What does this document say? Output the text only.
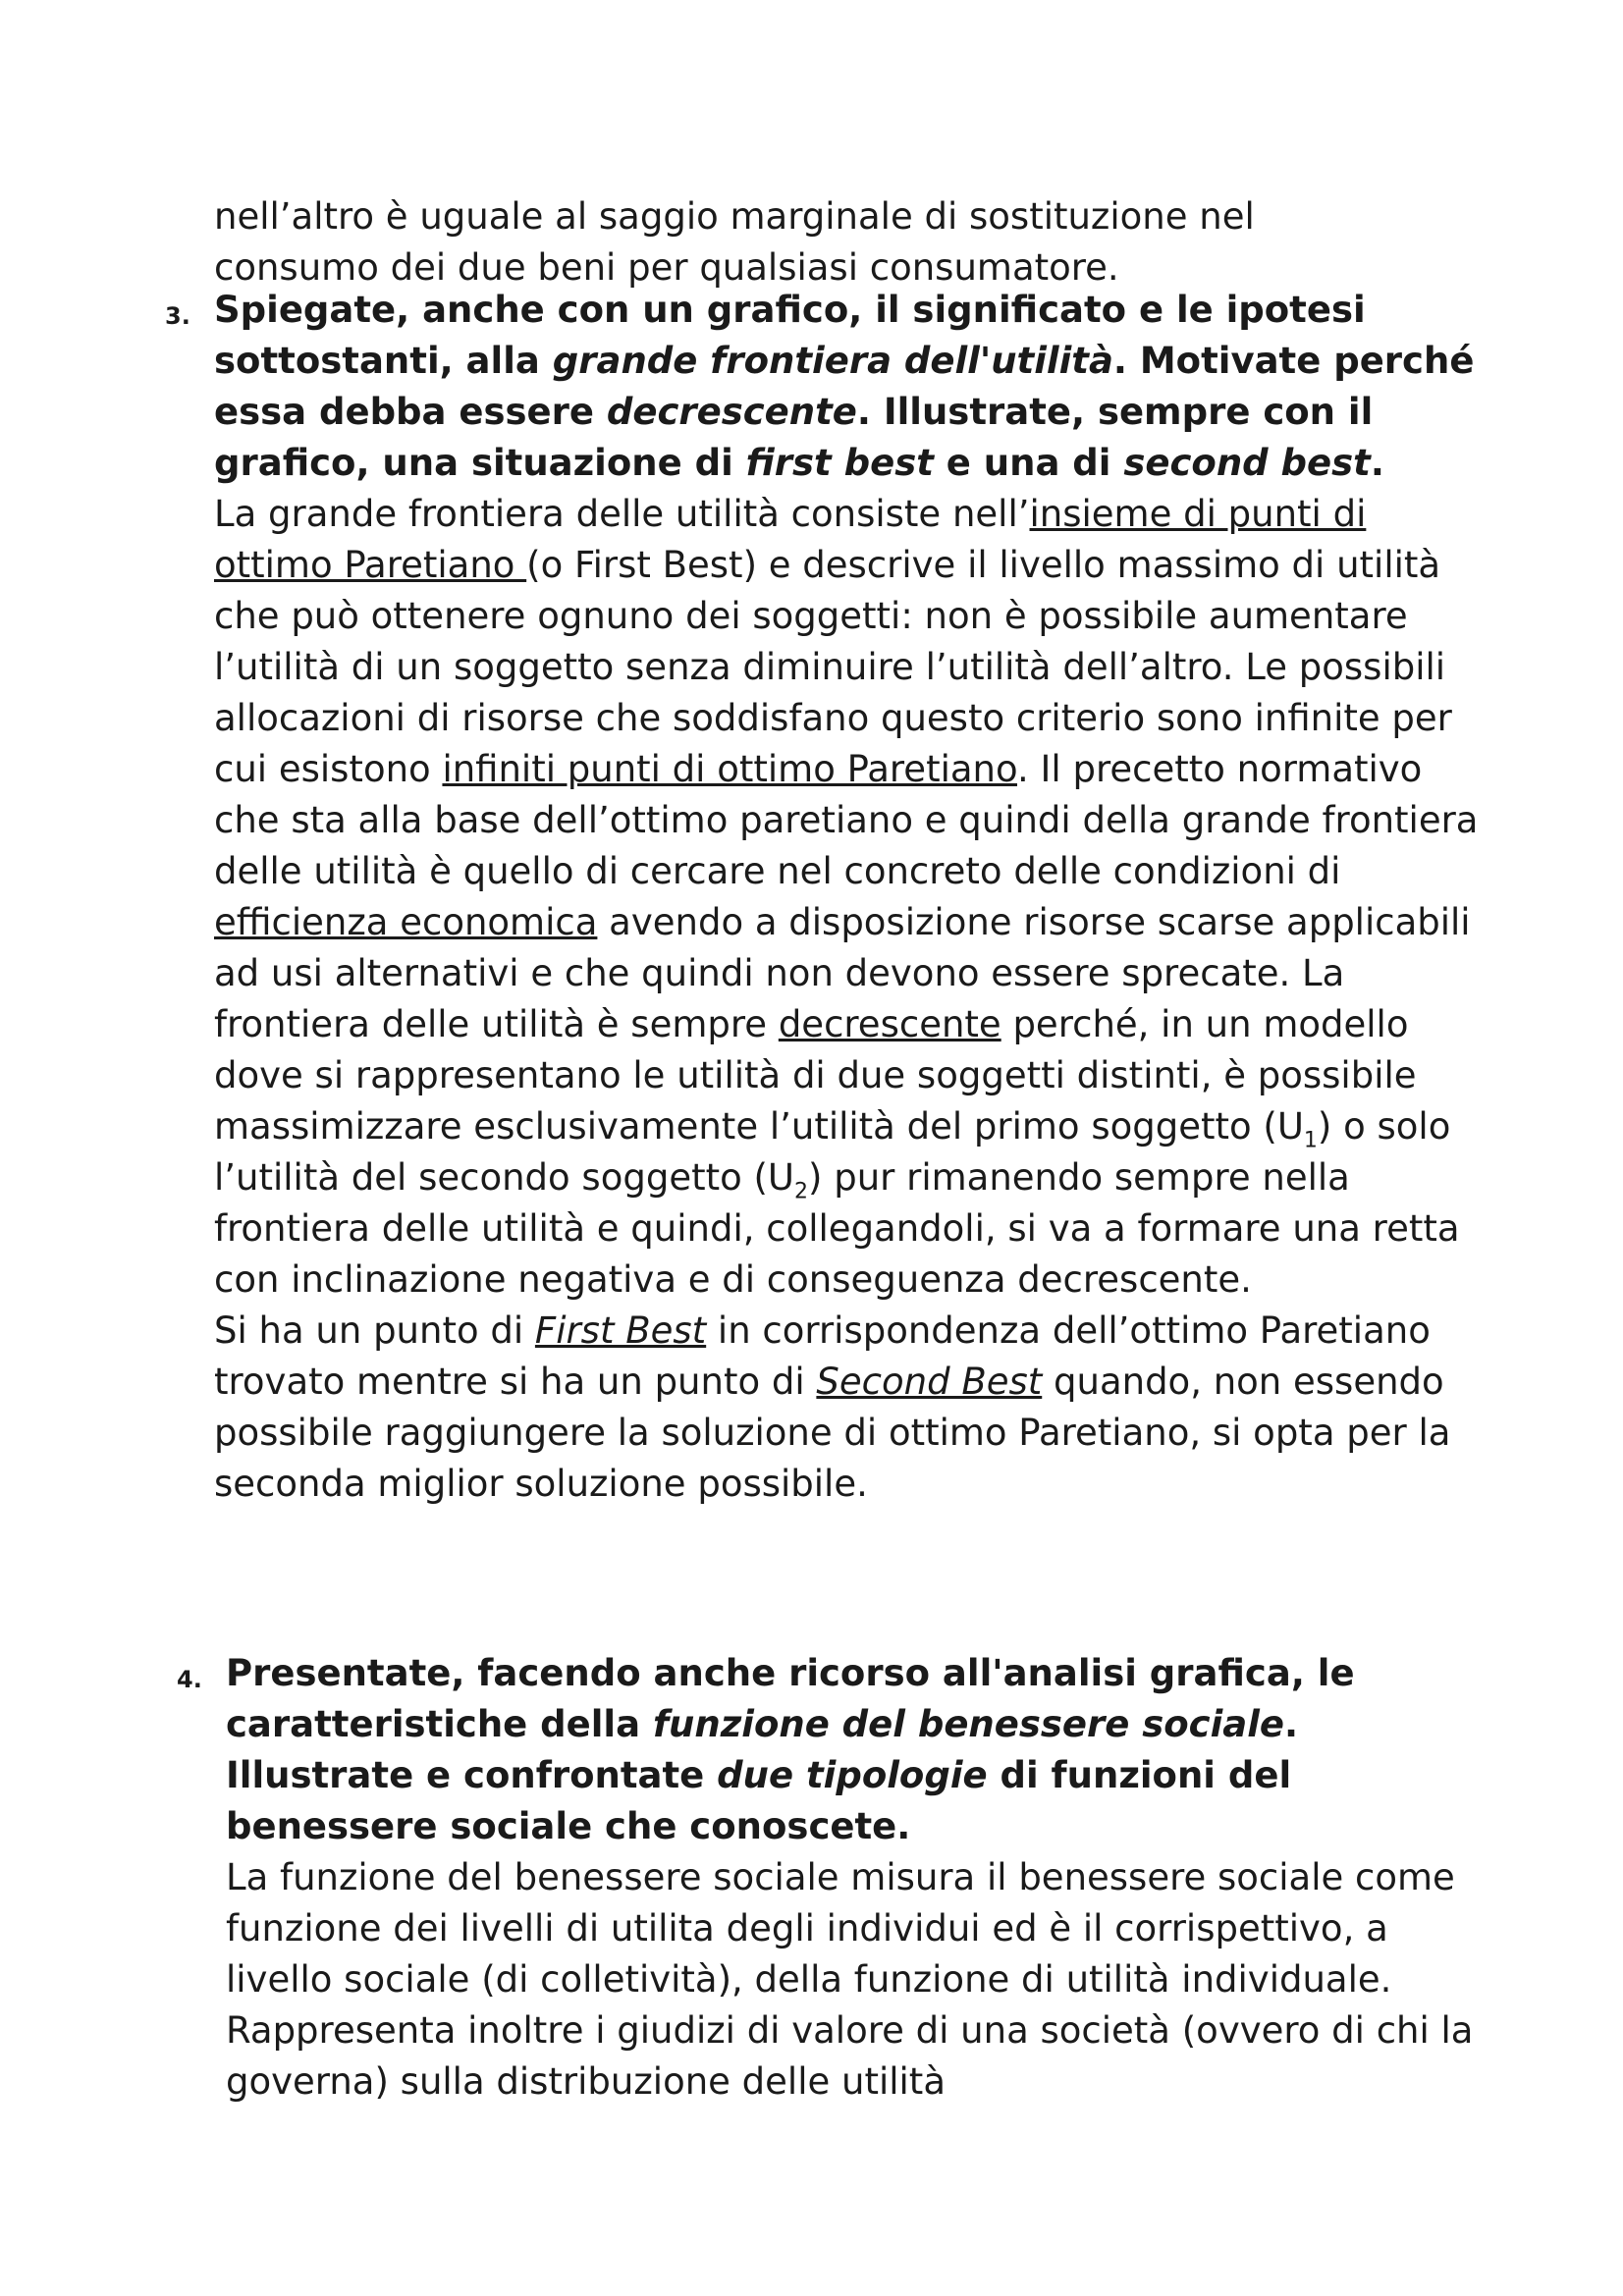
nell’altro è uguale al saggio marginale di sostituzione nel

consumo dei due beni per qualsiasi consumatore.

3. Spiegate, anche con un grafico, il significato e le ipotesi sottostanti, alla grande frontiera dell'utilità. Motivate perché essa debba essere decrescente. Illustrate, sempre con il grafico, una situazione di first best e una di second best.

La grande frontiera delle utilità consiste nell’insieme di punti di ottimo Paretiano (o First Best) e descrive il livello massimo di utilità che può ottenere ognuno dei soggetti: non è possibile aumentare l’utilità di un soggetto senza diminuire l’utilità dell’altro. Le possibili allocazioni di risorse che soddisfano questo criterio sono infinite per cui esistono infiniti punti di ottimo Paretiano. Il precetto normativo che sta alla base dell’ottimo paretiano e quindi della grande frontiera delle utilità è quello di cercare nel concreto delle condizioni di efficienza economica avendo a disposizione risorse scarse applicabili ad usi alternativi e che quindi non devono essere sprecate. La frontiera delle utilità è sempre decrescente perché, in un modello dove si rappresentano le utilità di due soggetti distinti, è possibile massimizzare esclusivamente l’utilità del primo soggetto $(U_1)$ o solo l’utilità del secondo soggetto $(U_2)$ pur rimanendo sempre nella frontiera delle utilità e quindi, collegandoli, si va a formare una retta con inclinazione negativa e di conseguenza decrescente.

Si ha un punto di First Best in corrispondenza dell’ottimo Paretiano trovato mentre si ha un punto di Second Best quando, non essendo possibile raggiungere la soluzione di ottimo Paretiano, si opta per la seconda miglior soluzione possibile.

4. Presentate, facendo anche ricorso all'analisi grafica, le caratteristiche della funzione del benessere sociale. Illustrate e confrontate due tipologie di funzioni del benessere sociale che conoscete.

La funzione del benessere sociale misura il benessere sociale come funzione dei livelli di utilita degli individui ed è il corrispettivo, a livello sociale (di colletività), della funzione di utilità individuale. Rappresenta inoltre i giudizi di valore di una società (ovvero di chi la governa) sulla distribuzione delle utilità
